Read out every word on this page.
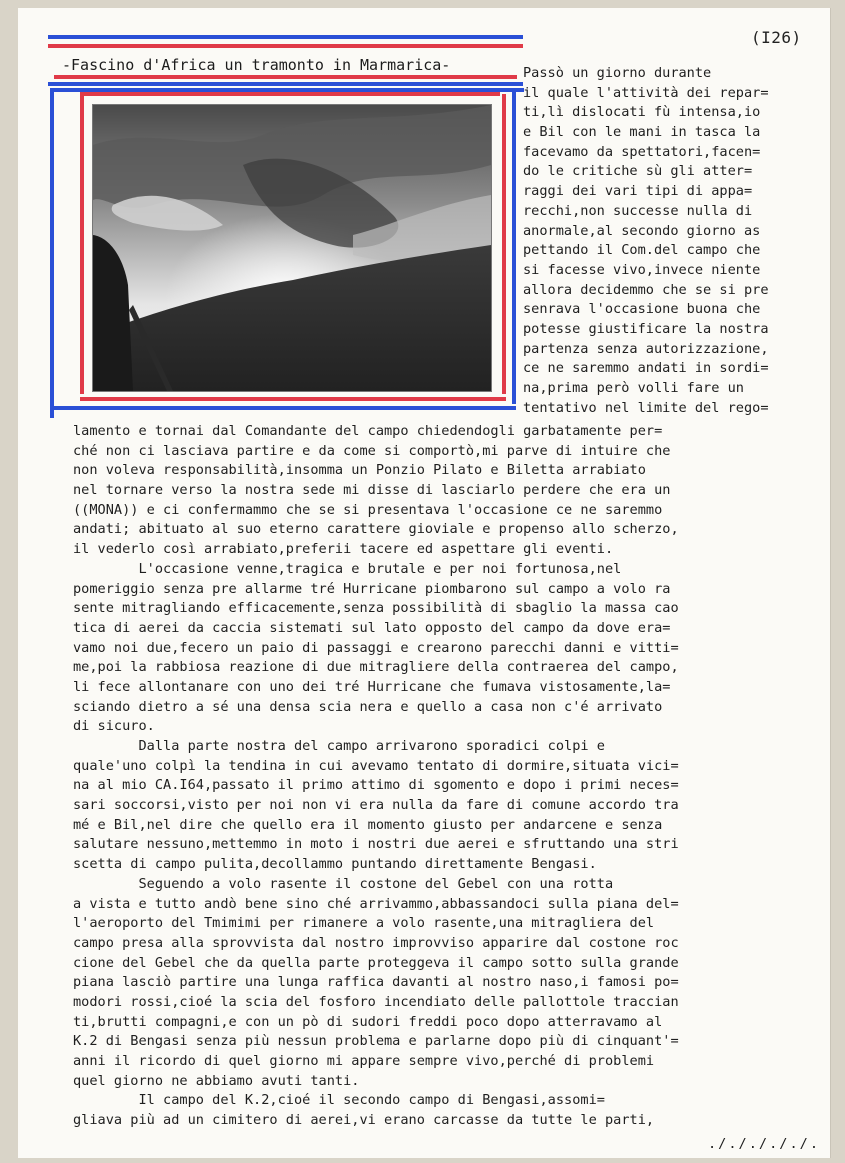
(I26)
-Fascino d'Africa un tramonto in Marmarica-	Passò un giorno durante
il quale l'attività dei repar=
ti,lì dislocati fù intensa,io
e Bil con le mani in tasca la
facevamo da spettatori,facen=
do le critiche sù gli atter=
raggi dei vari tipi di appa=
recchi,non successe nulla di
anormale,al secondo giorno as
pettando il Com.del campo che
si facesse vivo,invece niente
allora decidemmo che se si pre
senrava l'occasione buona che
potesse giustificare la nostra
partenza senza autorizzazione,
ce ne saremmo andati in sordi=
na,prima però volli fare un
tentativo nel limite del rego=
lamento e tornai dal Comandante del campo chiedendogli garbatamente per=
ché non ci lasciava partire e da come si comportò,mi parve di intuire che
non voleva responsabilità,insomma un Ponzio Pilato e Biletta arrabiato
nel tornare verso la nostra sede mi disse di lasciarlo perdere che era un
((MONA)) e ci confermammo che se si presentava l'occasione ce ne saremmo
andati; abituato al suo eterno carattere gioviale e propenso allo scherzo,
il vederlo così arrabiato,preferii tacere ed aspettare gli eventi.
L'occasione venne,tragica e brutale e per noi fortunosa,nel
pomeriggio senza pre allarme tré Hurricane piombarono sul campo a volo ra
sente mitragliando efficacemente,senza possibilità di sbaglio la massa cao
tica di aerei da caccia sistemati sul lato opposto del campo da dove era=
vamo noi due,fecero un paio di passaggi e crearono parecchi danni e vitti=
me,poi la rabbiosa reazione di due mitragliere della contraerea del campo,
li fece allontanare con uno dei tré Hurricane che fumava vistosamente,la=
sciando dietro a sé una densa scia nera e quello a casa non c'é arrivato
di sicuro.
Dalla parte nostra del campo arrivarono sporadici colpi e
quale'uno colpì la tendina in cui avevamo tentato di dormire,situata vici=
na al mio CA.I64,passato il primo attimo di sgomento e dopo i primi neces=
sari soccorsi,visto per noi non vi era nulla da fare di comune accordo tra
mé e Bil,nel dire che quello era il momento giusto per andarcene e senza
salutare nessuno,mettemmo in moto i nostri due aerei e sfruttando una stri
scetta di campo pulita,decollammo puntando direttamente Bengasi.
Seguendo a volo rasente il costone del Gebel con una rotta
a vista e tutto andò bene sino ché arrivammo,abbassandoci sulla piana del=
l'aeroporto del Tmimimi per rimanere a volo rasente,una mitragliera del
campo presa alla sprovvista dal nostro improvviso apparire dal costone roc
cione del Gebel che da quella parte proteggeva il campo sotto sulla grande
piana lasciò partire una lunga raffica davanti al nostro naso,i famosi po=
modori rossi,cioé la scia del fosforo incendiato delle pallottole traccian
ti,brutti compagni,e con un pò di sudori freddi poco dopo atterravamo al
K.2 di Bengasi senza più nessun problema e parlarne dopo più di cinquant'=
anni il ricordo di quel giorno mi appare sempre vivo,perché di problemi
quel giorno ne abbiamo avuti tanti.
Il campo del K.2,cioé il secondo campo di Bengasi,assomi=
gliava più ad un cimitero di aerei,vi erano carcasse da tutte le parti,
./././././.
